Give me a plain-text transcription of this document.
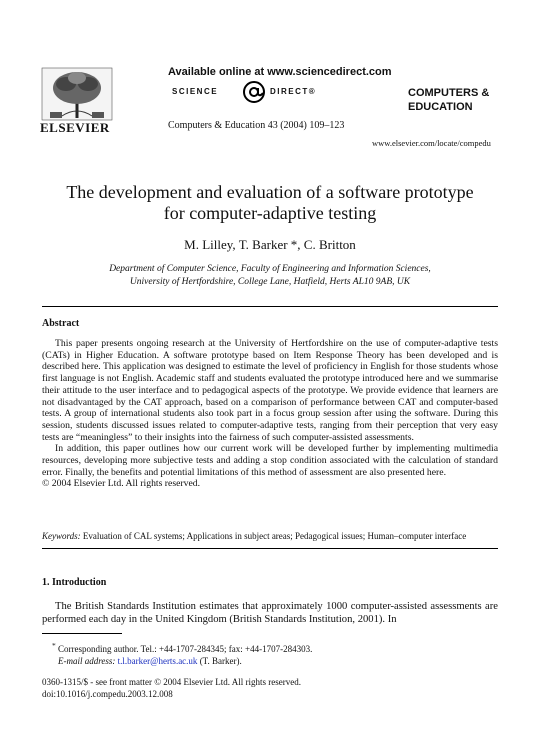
ELSEVIER
Available online at www.sciencedirect.com
SCIENCE	DIRECT®
Computers & Education 43 (2004) 109–123
COMPUTERS &
EDUCATION
www.elsevier.com/locate/compedu
The development and evaluation of a software prototype
for computer-adaptive testing
M. Lilley, T. Barker *, C. Britton
Department of Computer Science, Faculty of Engineering and Information Sciences,
University of Hertfordshire, College Lane, Hatfield, Herts AL10 9AB, UK
Abstract

This paper presents ongoing research at the University of Hertfordshire on the use of computer-adaptive tests (CATs) in Higher Education. A software prototype based on Item Response Theory has been developed and is described here. This application was designed to estimate the level of proficiency in English for those students whose first language is not English. Academic staff and students evaluated the prototype introduced here and we summarise their attitude to the user interface and to pedagogical aspects of the prototype. We provide evidence that learners are not disadvantaged by the CAT approach, based on a comparison of performance between CAT and computer-based tests. A group of international students also took part in a focus group session after using the software. During this session, students discussed issues related to computer-adaptive tests, ranging from their perception that very easy tests are “meaningless” to their insights into the fairness of such computer-assisted assessments.

In addition, this paper outlines how our current work will be developed further by implementing multimedia resources, developing more subjective tests and adding a stop condition associated with the calculation of standard error. Finally, the benefits and potential limitations of this method of assessment are also presented here.

© 2004 Elsevier Ltd. All rights reserved.

Keywords: Evaluation of CAL systems; Applications in subject areas; Pedagogical issues; Human–computer interface
1. Introduction
The British Standards Institution estimates that approximately 1000 computer-assisted assessments are performed each day in the United Kingdom (British Standards Institution, 2001). In
* Corresponding author. Tel.: +44-1707-284345; fax: +44-1707-284303.
E-mail address: t.l.barker@herts.ac.uk (T. Barker).
0360-1315/$ - see front matter © 2004 Elsevier Ltd. All rights reserved.
doi:10.1016/j.compedu.2003.12.008
